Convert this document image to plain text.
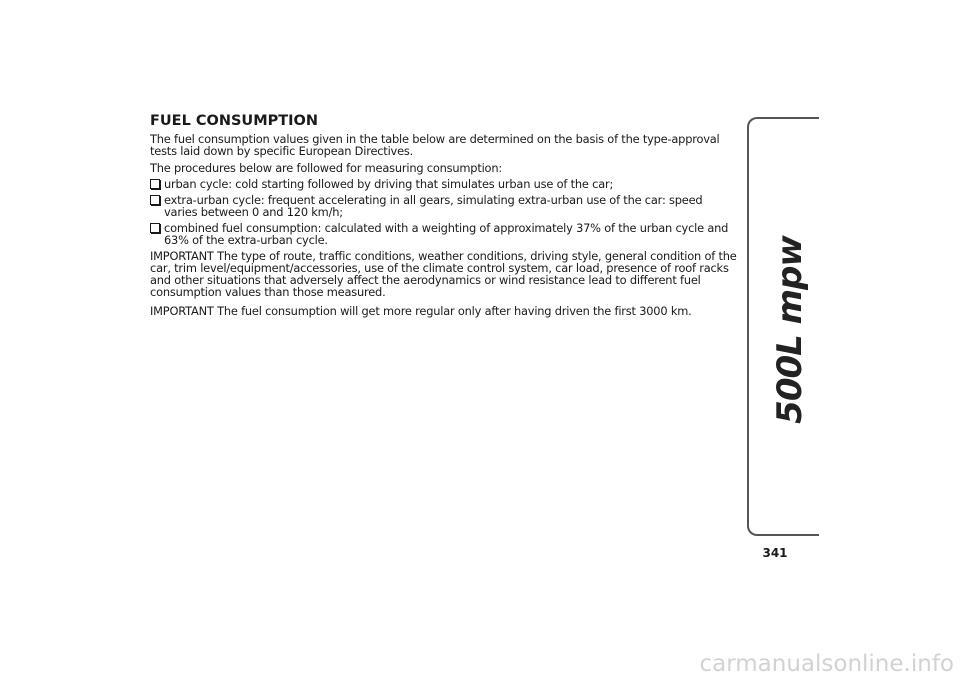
FUEL CONSUMPTION

The fuel consumption values given in the table below are determined on the basis of the type-approval tests laid down by specific European Directives.

The procedures below are followed for measuring consumption:

urban cycle: cold starting followed by driving that simulates urban use of the car;
extra-urban cycle: frequent accelerating in all gears, simulating extra-urban use of the car: speed varies between 0 and 120 km/h;
combined fuel consumption: calculated with a weighting of approximately 37% of the urban cycle and 63% of the extra-urban cycle.

IMPORTANT The type of route, traffic conditions, weather conditions, driving style, general condition of the car, trim level/equipment/accessories, use of the climate control system, car load, presence of roof racks and other situations that adversely affect the aerodynamics or wind resistance lead to different fuel consumption values than those measured.

IMPORTANT The fuel consumption will get more regular only after having driven the first 3000 km.	500L mpw
341
carmanualsonline.info
